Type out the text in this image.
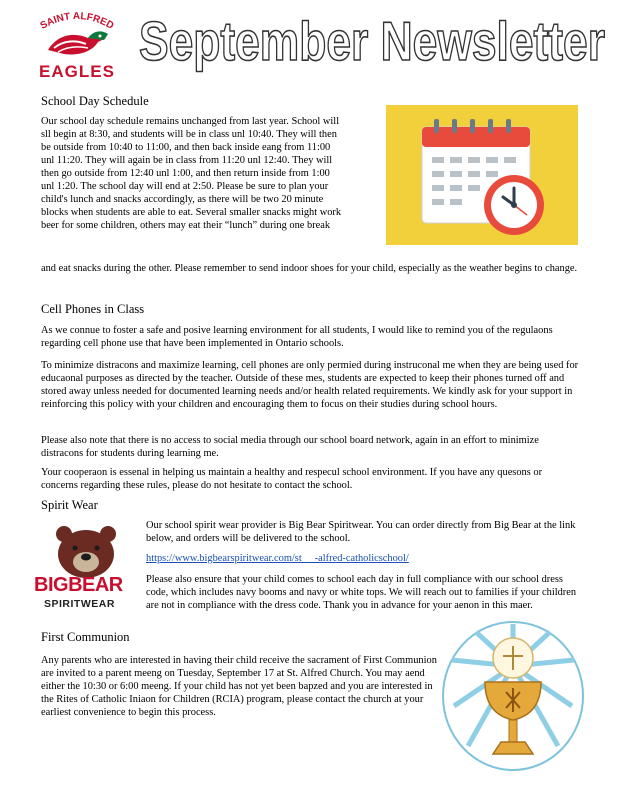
SAINT ALFRED
EAGLES September Newsletter
School Day Schedule
Our school day schedule remains unchanged from last year. School will
sll begin at 8:30, and students will be in class unl 10:40. They will then
be outside from 10:40 to 11:00, and then back inside eang from 11:00
unl 11:20. They will again be in class from 11:20 unl 12:40. They will
then go outside from 12:40 unl 1:00, and then return inside from 1:00
unl 1:20. The school day will end at 2:50. Please be sure to plan your
child's lunch and snacks accordingly, as there will be two 20 minute
blocks when students are able to eat. Several smaller snacks might work
beer for some children, others may eat their “lunch” during one break

and eat snacks during the other. Please remember to send indoor shoes for your child, especially as the weather begins to change.

Cell Phones in Class

As we connue to foster a safe and posive learning environment for all students, I would like to remind you of the regulaons regarding cell phone use that have been implemented in Ontario schools.

To minimize distracons and maximize learning, cell phones are only permied during instruconal me when they are being used for educaonal purposes as directed by the teacher. Outside of these mes, students are expected to keep their phones turned off and stored away unless needed for documented learning needs and/or health related requirements. We kindly ask for your support in reinforcing this policy with your children and encouraging them to focus on their studies during school hours.

Please also note that there is no access to social media through our school board network, again in an effort to minimize distracons for students during learning me.

Your cooperaon is essenal in helping us maintain a healthy and respecul school environment. If you have any quesons or concerns regarding these rules, please do not hesitate to contact the school.

Spirit Wear
BIGBEAR
SPIRITWEAR

Our school spirit wear provider is Big Bear Spiritwear. You can order directly from Big Bear at the link below, and orders will be delivered to the school.

https://www.bigbearspiritwear.com/st     -alfred-catholicschool/

Please also ensure that your child comes to school each day in full compliance with our school dress code, which includes navy booms and navy or white tops. We will reach out to families if your children are not in compliance with the dress code. Thank you in advance for your aenon in this maer.

First Communion

Any parents who are interested in having their child receive the sacrament of First Communion are invited to a parent meeng on Tuesday, September 17 at St. Alfred Church. You may aend either the 10:30 or 6:00 meeng. If your child has not yet been bapzed and you are interested in the Rites of Catholic Iniaon for Children (RCIA) program, please contact the church at your earliest convenience to begin this process.
